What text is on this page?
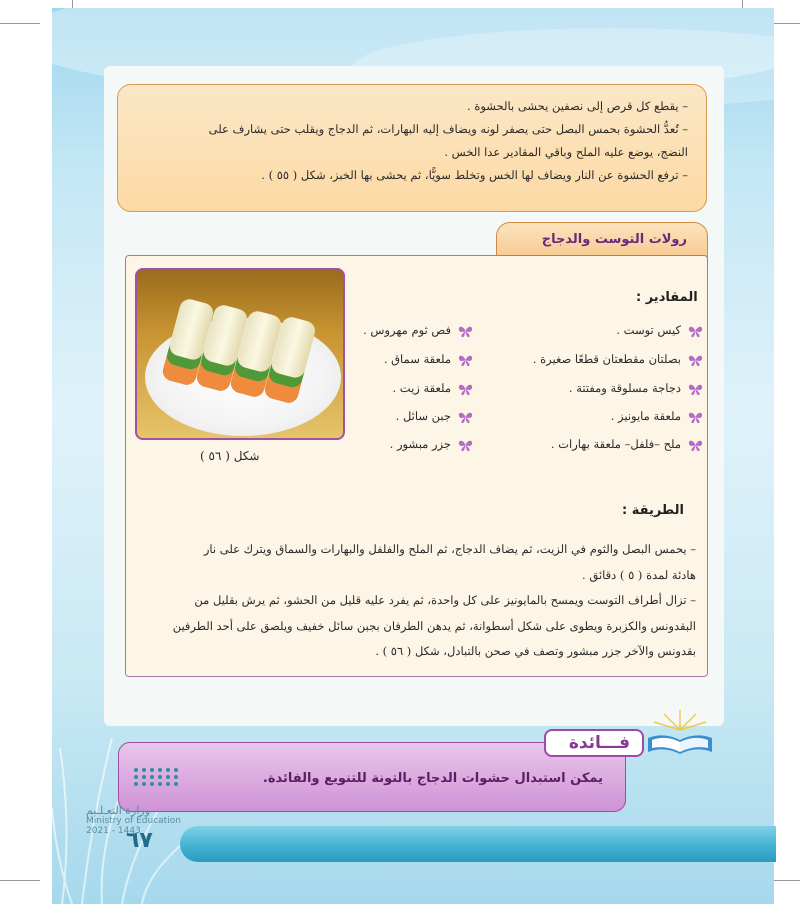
– يقطع كل قرص إلى نصفين يحشى بالحشوة .
– تُعدُّ الحشوة بحمس البصل حتى يصفر لونه ويضاف إليه البهارات، ثم الدجاج ويقلب حتى يشارف على
النضج، يوضع عليه الملح وباقي المقادير عدا الخس .
– ترفع الحشوة عن النار ويضاف لها الخس وتخلط سويًّا، ثم يحشى بها الخبز، شكل ( ٥٥ ) .
رولات التوست والدجاج
شكل ( ٥٦ )
المقادير :
كيس توست .
بصلتان مقطعتان قطعًا صغيرة .
دجاجة مسلوقة ومفتتة .
ملعقة مايونيز .
ملح –فلفل– ملعقة بهارات .
فص ثوم مهروس .
ملعقة سماق .
ملعقة زيت .
جبن سائل .
جزر مبشور .
الطريقة :
– يحمس البصل والثوم في الزيت، ثم يضاف الدجاج، ثم الملح والفلفل والبهارات والسماق ويترك على نار
هادئة لمدة ( ٥ ) دقائق .
– تزال أطراف التوست ويمسح بالمايونيز على كل واحدة، ثم يفرد عليه قليل من الحشو، ثم يرش بقليل من
البقدونس والكزبرة ويطوى على شكل أسطوانة، ثم يدهن الطرفان بجبن سائل خفيف ويلصق على أحد الطرفين
بقدونس والآخر جزر مبشور وتصف في صحن بالتبادل، شكل ( ٥٦ ) .
يمكن استبدال حشوات الدجاج بالتونة للتنويع والفائدة.
فـــائدة
وزارة التعـلـيم
Ministry of Education
2021 - 1443
٦٧
